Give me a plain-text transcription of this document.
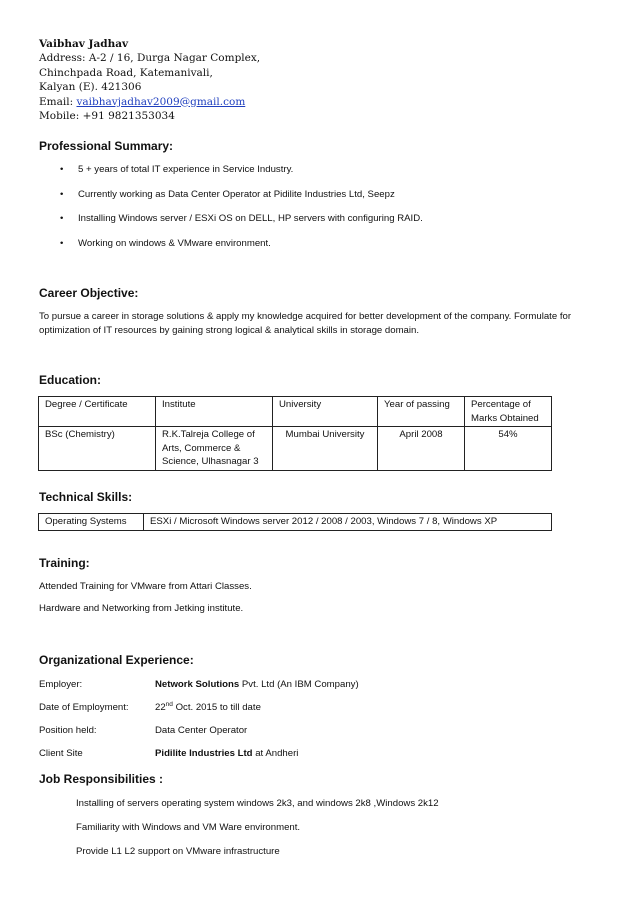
Vaibhav Jadhav
Address: A-2 / 16, Durga Nagar Complex,
Chinchpada Road, Katemanivali,
Kalyan (E). 421306
Email: vaibhavjadhav2009@gmail.com
Mobile: +91 9821353034
Professional Summary:
• 5 + years of total IT experience in Service Industry.
• Currently working as Data Center Operator at Pidilite Industries Ltd, Seepz
• Installing Windows server / ESXi OS on DELL, HP servers with configuring RAID.
• Working on windows & VMware environment.
Career Objective:
To pursue a career in storage solutions & apply my knowledge acquired for better development of the company. Formulate for optimization of IT resources by gaining strong logical & analytical skills in storage domain.
Education:
Degree / Certificate	Institute	University	Year of passing	Percentage of Marks Obtained
BSc (Chemistry)	R.K.Talreja College of Arts, Commerce & Science, Ulhasnagar 3	Mumbai University	April 2008	54%
Technical Skills:
Operating Systems	ESXi / Microsoft Windows server 2012 / 2008 / 2003, Windows 7 / 8, Windows XP
Training:
Attended Training for VMware from Attari Classes.
Hardware and Networking from Jetking institute.
Organizational Experience:
Employer:	Network Solutions Pvt. Ltd (An IBM Company)
Date of Employment:	22nd Oct. 2015 to till date
Position held:	Data Center Operator
Client Site	Pidilite Industries Ltd at Andheri
Job Responsibilities :
Installing of servers operating system windows 2k3, and windows 2k8 ,Windows 2k12
Familiarity with Windows and VM Ware environment.
Provide L1 L2 support on VMware infrastructure
